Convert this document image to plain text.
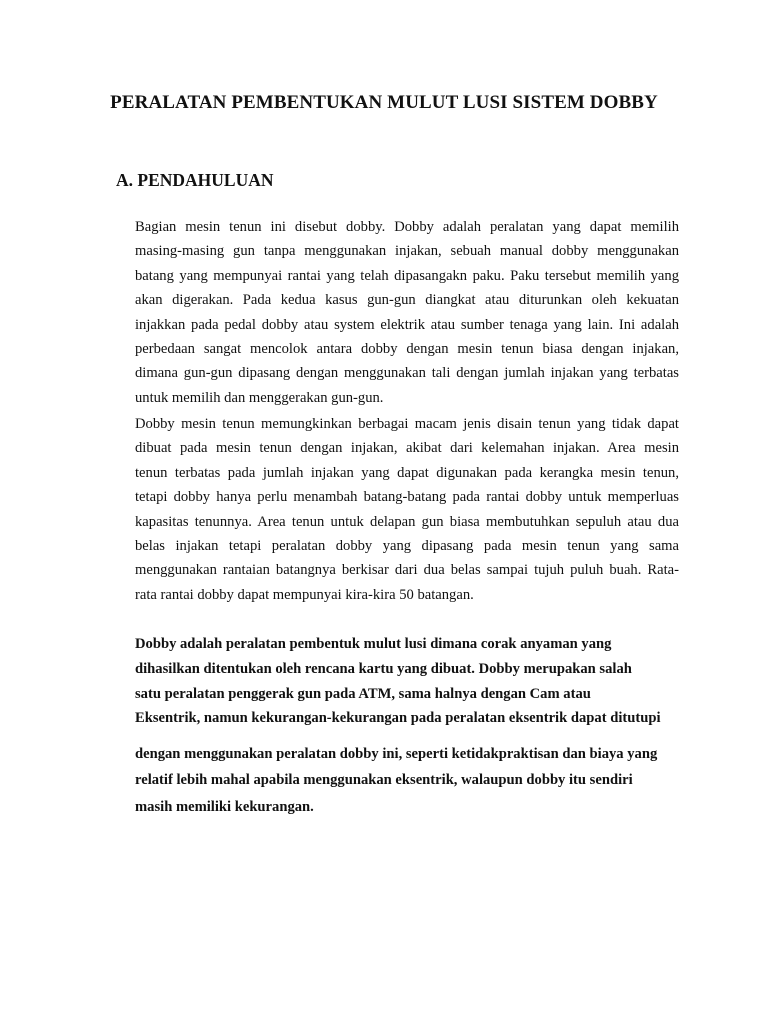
PERALATAN PEMBENTUKAN MULUT LUSI SISTEM DOBBY
A. PENDAHULUAN
Bagian mesin tenun ini disebut dobby. Dobby adalah peralatan yang dapat memilih
masing-masing gun tanpa menggunakan injakan, sebuah manual dobby menggunakan
batang yang mempunyai rantai yang telah dipasangakn paku. Paku tersebut memilih yang
akan digerakan. Pada kedua kasus gun-gun diangkat atau diturunkan oleh kekuatan
injakkan pada pedal dobby atau system elektrik atau sumber tenaga yang lain. Ini adalah
perbedaan sangat mencolok antara dobby dengan mesin tenun biasa dengan injakan,
dimana gun-gun dipasang dengan menggunakan tali dengan jumlah injakan yang terbatas
untuk memilih dan menggerakan gun-gun.
Dobby mesin tenun memungkinkan berbagai macam jenis disain tenun yang tidak dapat
dibuat pada mesin tenun dengan injakan, akibat dari kelemahan injakan. Area mesin
tenun terbatas pada jumlah injakan yang dapat digunakan pada kerangka mesin tenun,
tetapi dobby hanya perlu menambah batang-batang pada rantai dobby untuk memperluas
kapasitas tenunnya. Area tenun untuk delapan gun biasa membutuhkan sepuluh atau dua
belas injakan tetapi peralatan dobby yang dipasang pada mesin tenun yang sama
menggunakan rantaian batangnya berkisar dari dua belas sampai tujuh puluh buah. Rata-
rata rantai dobby dapat mempunyai kira-kira 50 batangan.
Dobby adalah peralatan pembentuk mulut lusi dimana corak anyaman yang
dihasilkan ditentukan oleh rencana kartu yang dibuat. Dobby merupakan salah
satu peralatan penggerak gun pada ATM, sama halnya dengan Cam atau
Eksentrik, namun kekurangan-kekurangan pada peralatan eksentrik dapat ditutupi
dengan menggunakan peralatan dobby ini, seperti ketidakpraktisan dan biaya yang
relatif lebih mahal apabila menggunakan eksentrik, walaupun dobby itu sendiri
masih memiliki kekurangan.
